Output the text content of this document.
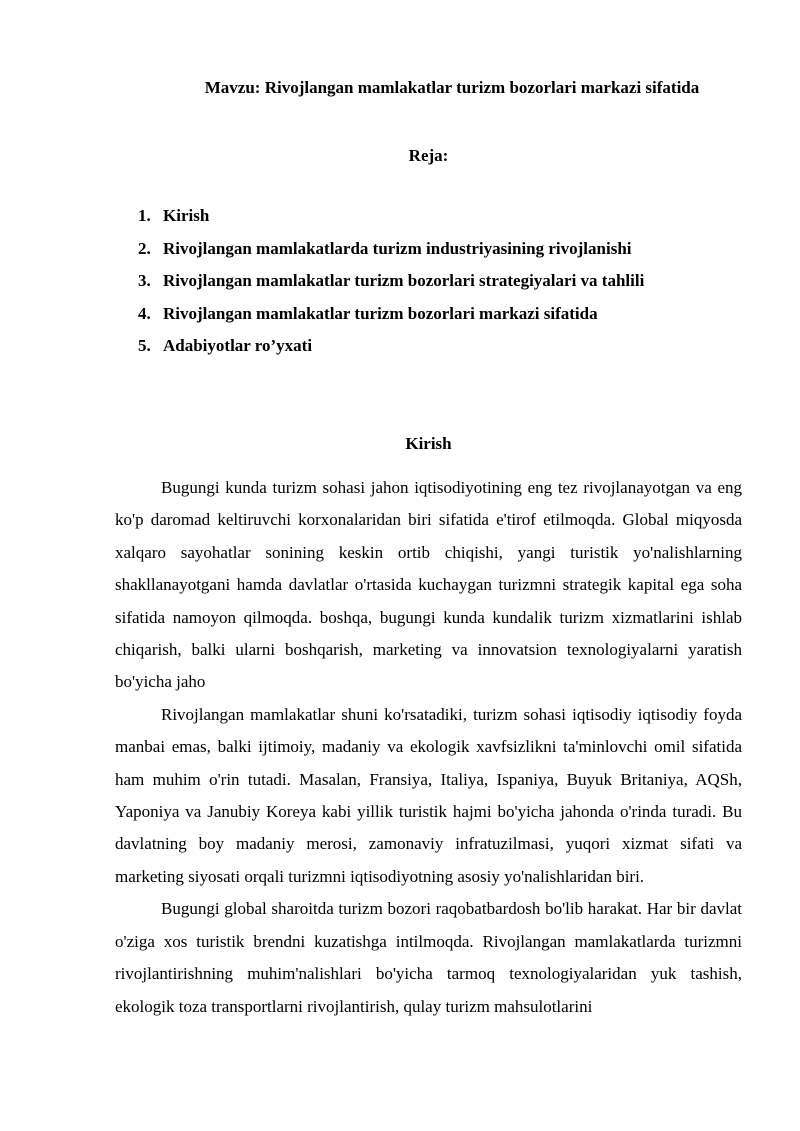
Mavzu: Rivojlangan mamlakatlar turizm bozorlari markazi sifatida
Reja:
1. Kirish
2. Rivojlangan mamlakatlarda turizm industriyasining rivojlanishi
3. Rivojlangan mamlakatlar turizm bozorlari strategiyalari va tahlili
4. Rivojlangan mamlakatlar turizm bozorlari markazi sifatida
5. Adabiyotlar ro’yxati
Kirish

Bugungi kunda turizm sohasi jahon iqtisodiyotining eng tez rivojlanayotgan va eng ko'p daromad keltiruvchi korxonalaridan biri sifatida e'tirof etilmoqda. Global miqyosda xalqaro sayohatlar sonining keskin ortib chiqishi, yangi turistik yo'nalishlarning shakllanayotgani hamda davlatlar o'rtasida kuchaygan turizmni strategik kapital ega soha sifatida namoyon qilmoqda. boshqa, bugungi kunda kundalik turizm xizmatlarini ishlab chiqarish, balki ularni boshqarish, marketing va innovatsion texnologiyalarni yaratish bo'yicha jaho

Rivojlangan mamlakatlar shuni ko'rsatadiki, turizm sohasi iqtisodiy iqtisodiy foyda manbai emas, balki ijtimoiy, madaniy va ekologik xavfsizlikni ta'minlovchi omil sifatida ham muhim o'rin tutadi. Masalan, Fransiya, Italiya, Ispaniya, Buyuk Britaniya, AQSh, Yaponiya va Janubiy Koreya kabi yillik turistik hajmi bo'yicha jahonda o'rinda turadi. Bu davlatning boy madaniy merosi, zamonaviy infratuzilmasi, yuqori xizmat sifati va marketing siyosati orqali turizmni iqtisodiyotning asosiy yo'nalishlaridan biri.

Bugungi global sharoitda turizm bozori raqobatbardosh bo'lib harakat. Har bir davlat o'ziga xos turistik brendni kuzatishga intilmoqda. Rivojlangan mamlakatlarda turizmni rivojlantirishning muhim'nalishlari bo'yicha tarmoq texnologiyalaridan yuk tashish, ekologik toza transportlarni rivojlantirish, qulay turizm mahsulotlarini
